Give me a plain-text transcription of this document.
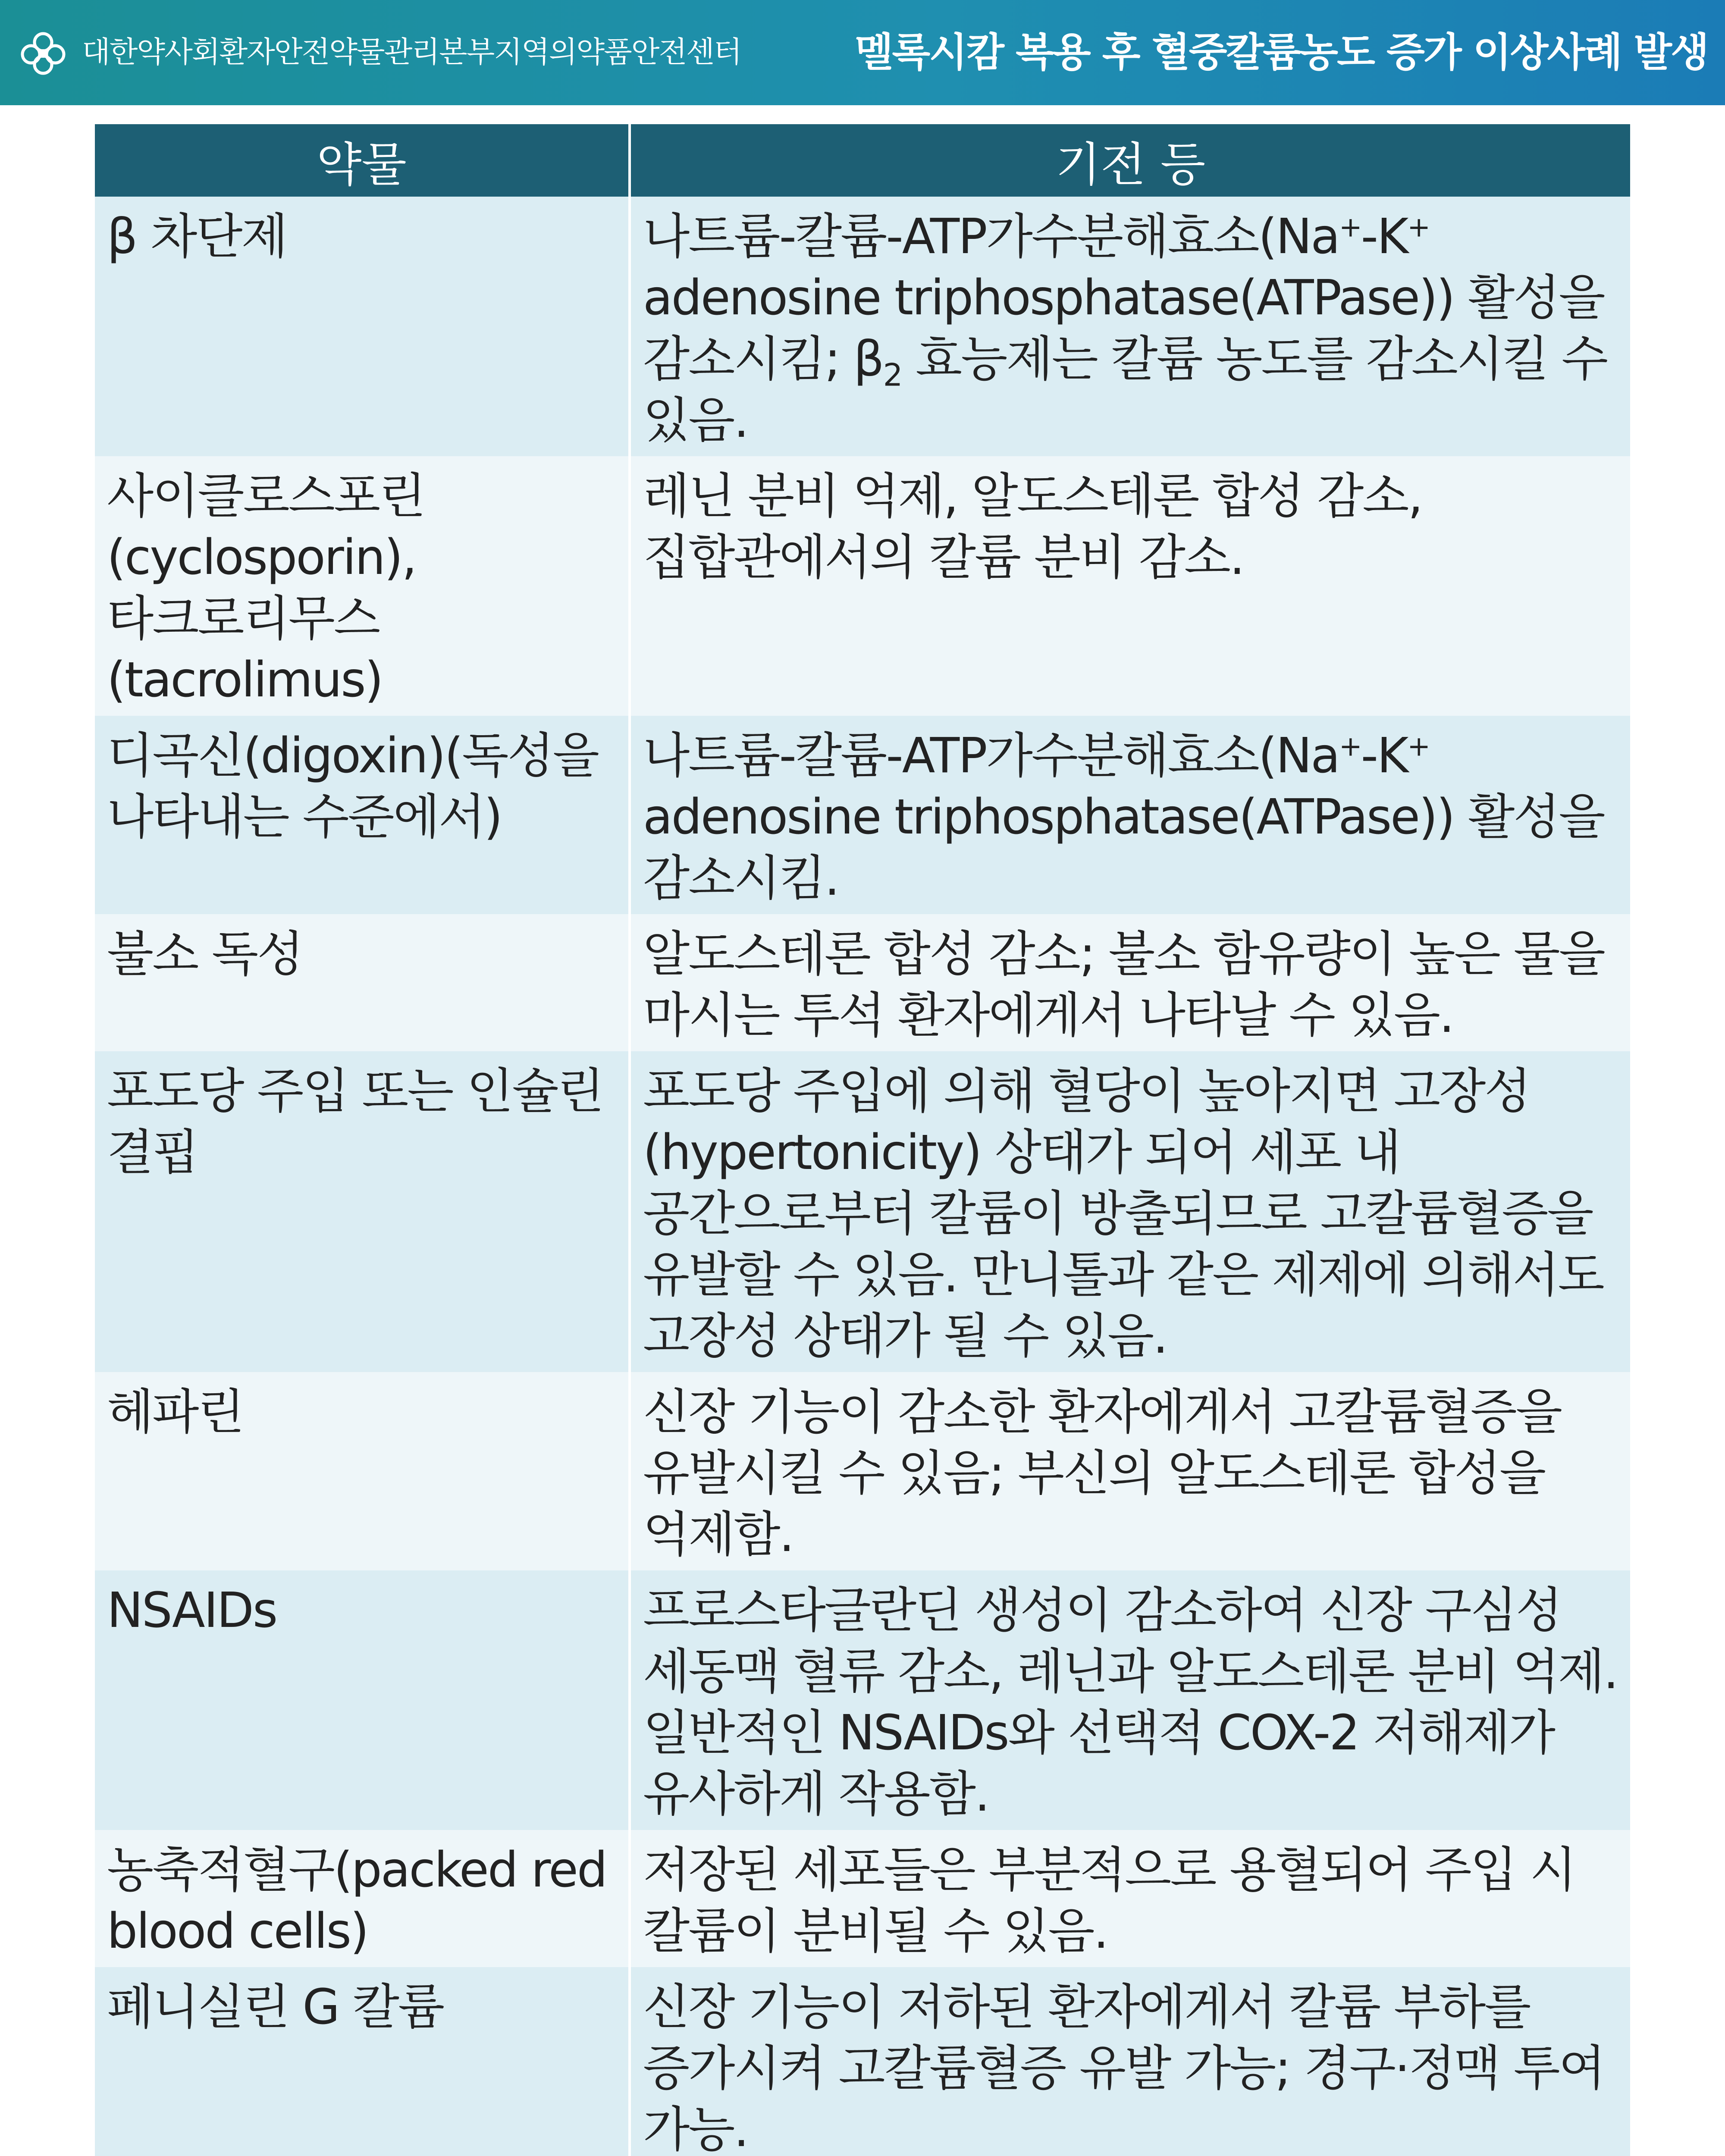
대한약사회환자안전약물관리본부지역의약품안전센터	멜록시캄 복용 후 혈중칼륨농도 증가 이상사례 발생
약물	기전 등
β 차단제	나트륨-칼륨-ATP가수분해효소(Na+-K+ adenosine triphosphatase(ATPase)) 활성을 감소시킴; $\beta_2$ 효능제는 칼륨 농도를 감소시킬 수 있음.
사이클로스포린(cyclosporin), 타크로리무스(tacrolimus)	레닌 분비 억제, 알도스테론 합성 감소, 집합관에서의 칼륨 분비 감소.
디곡신(digoxin)(독성을 나타내는 수준에서)	나트륨-칼륨-ATP가수분해효소(Na+-K+ adenosine triphosphatase(ATPase)) 활성을 감소시킴.
불소 독성	알도스테론 합성 감소; 불소 함유량이 높은 물을 마시는 투석 환자에게서 나타날 수 있음.
포도당 주입 또는 인슐린 결핍	포도당 주입에 의해 혈당이 높아지면 고장성(hypertonicity) 상태가 되어 세포 내 공간으로부터 칼륨이 방출되므로 고칼륨혈증을 유발할 수 있음. 만니톨과 같은 제제에 의해서도 고장성 상태가 될 수 있음.
헤파린	신장 기능이 감소한 환자에게서 고칼륨혈증을 유발시킬 수 있음; 부신의 알도스테론 합성을 억제함.
NSAIDs	프로스타글란딘 생성이 감소하여 신장 구심성 세동맥 혈류 감소, 레닌과 알도스테론 분비 억제. 일반적인 NSAIDs와 선택적 COX-2 저해제가 유사하게 작용함.
농축적혈구(packed red blood cells)	저장된 세포들은 부분적으로 용혈되어 주입 시 칼륨이 분비될 수 있음.
페니실린 G 칼륨	신장 기능이 저하된 환자에게서 칼륨 부하를 증가시켜 고칼륨혈증 유발 가능; 경구·정맥 투여 가능.
